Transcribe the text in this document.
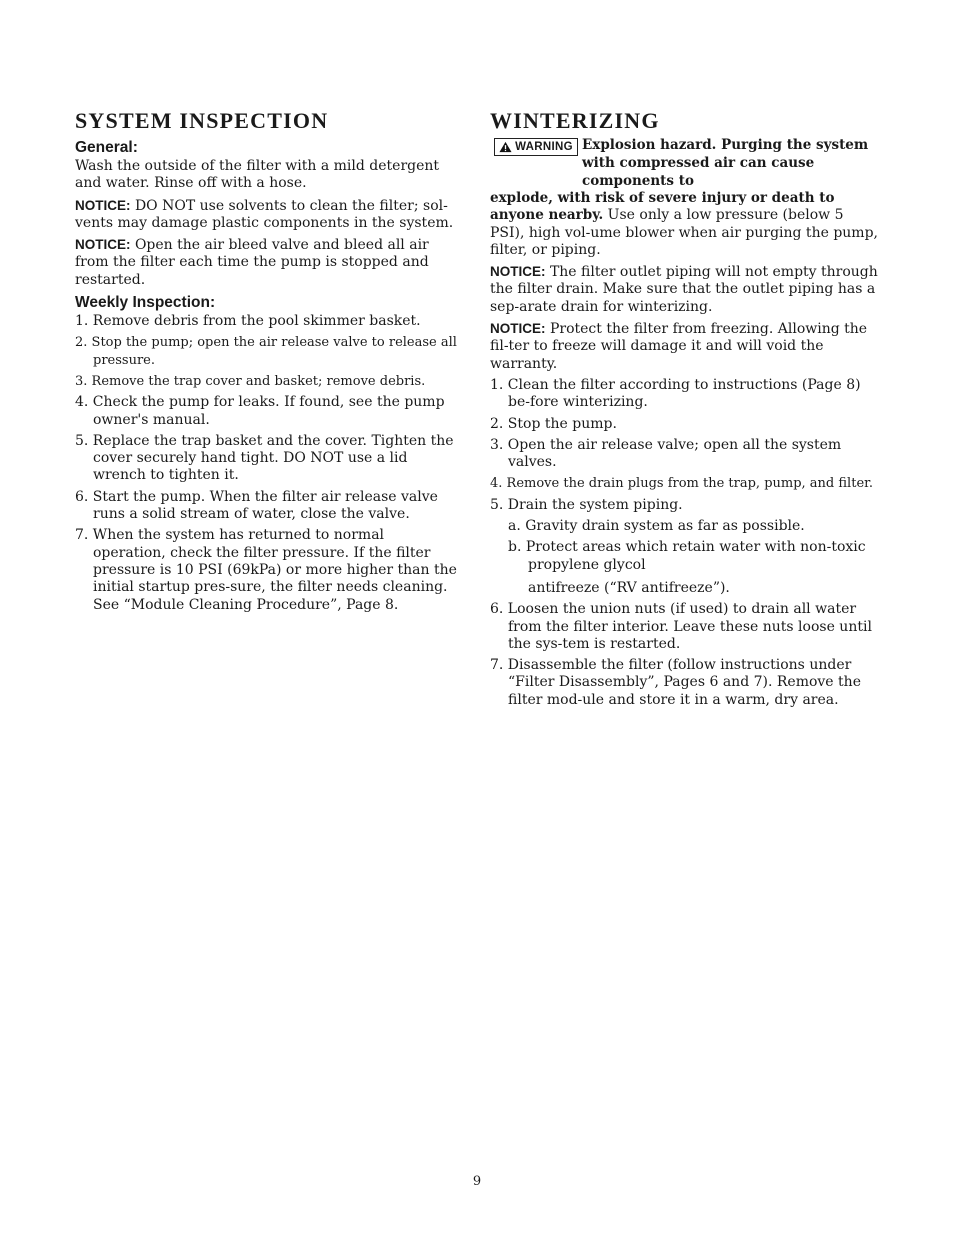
SYSTEM INSPECTION
General:

Wash the outside of the filter with a mild detergent and water. Rinse off with a hose.

NOTICE: DO NOT use solvents to clean the filter; sol-vents may damage plastic components in the system.

NOTICE: Open the air bleed valve and bleed all air from the filter each time the pump is stopped and restarted.

Weekly Inspection:
1. Remove debris from the pool skimmer basket.
2. Stop the pump; open the air release valve to release all pressure.
3. Remove the trap cover and basket; remove debris.
4. Check the pump for leaks. If found, see the pump owner's manual.
5. Replace the trap basket and the cover. Tighten the cover securely hand tight. DO NOT use a lid wrench to tighten it.
6. Start the pump. When the filter air release valve runs a solid stream of water, close the valve.
7. When the system has returned to normal operation, check the filter pressure. If the filter pressure is 10 PSI (69kPa) or more higher than the initial startup pres-sure, the filter needs cleaning. See “Module Cleaning Procedure”, Page 8.
WINTERIZING
WARNING Explosion hazard. Purging the system with compressed air can cause components to

explode, with risk of severe injury or death to anyone nearby. Use only a low pressure (below 5 PSI), high vol-ume blower when air purging the pump, filter, or piping.

NOTICE: The filter outlet piping will not empty through the filter drain. Make sure that the outlet piping has a sep-arate drain for winterizing.

NOTICE: Protect the filter from freezing. Allowing the fil-ter to freeze will damage it and will void the warranty.

1. Clean the filter according to instructions (Page 8) be-fore winterizing.
2. Stop the pump.
3. Open the air release valve; open all the system valves.
4. Remove the drain plugs from the trap, pump, and filter.
5. Drain the system piping.
a. Gravity drain system as far as possible.
b. Protect areas which retain water with non-toxic propylene glycol
antifreeze (“RV antifreeze”).
6. Loosen the union nuts (if used) to drain all water from the filter interior. Leave these nuts loose until the sys-tem is restarted.
7. Disassemble the filter (follow instructions under “Filter Disassembly”, Pages 6 and 7). Remove the filter mod-ule and store it in a warm, dry area.
9
